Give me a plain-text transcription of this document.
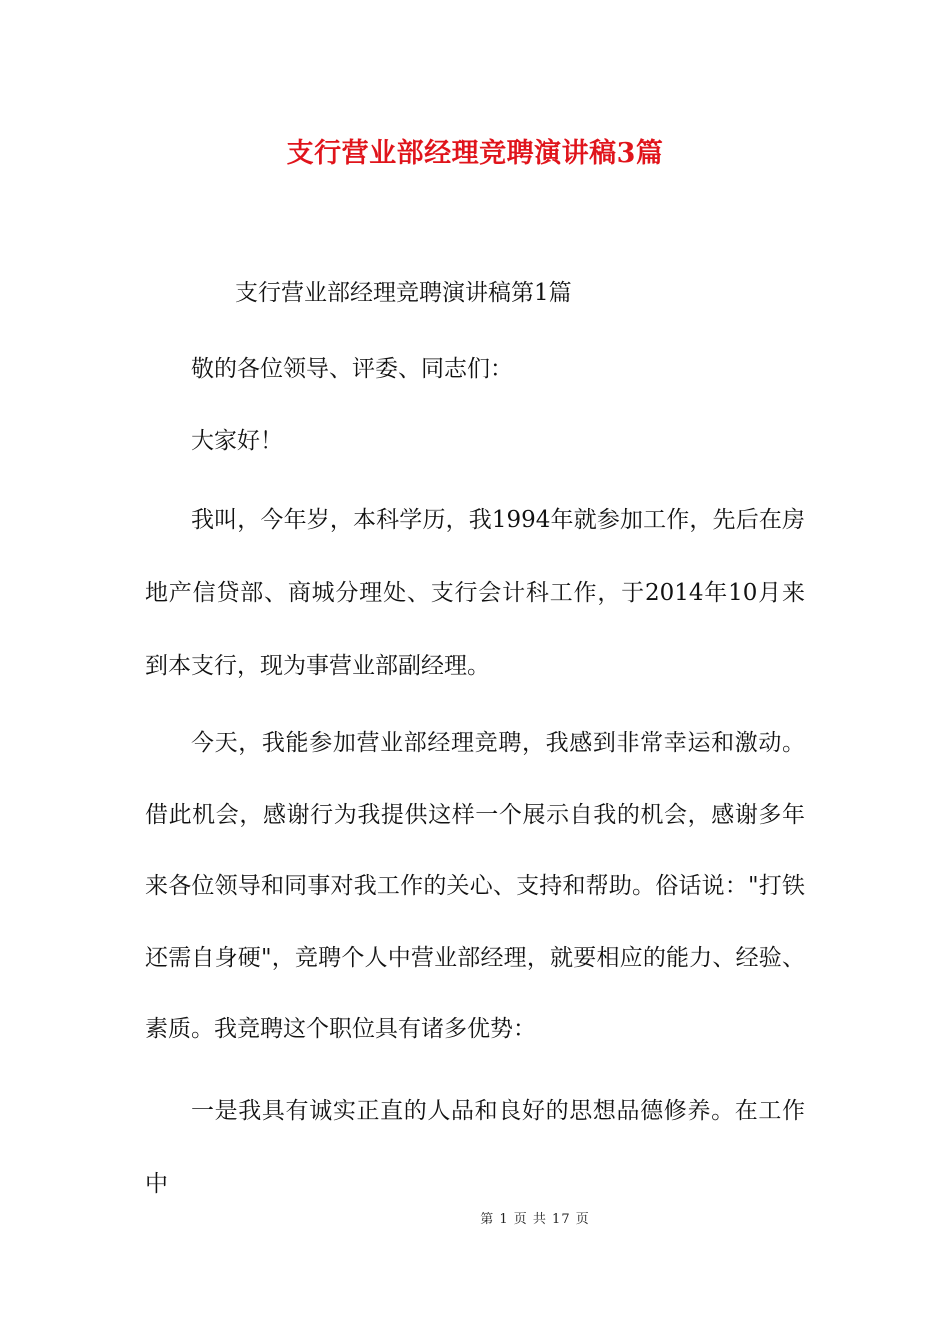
支行营业部经理竞聘演讲稿3篇

支行营业部经理竞聘演讲稿第1篇

敬的各位领导、评委、同志们：

大家好！

我叫，今年岁，本科学历，我1994年就参加工作，先后在房地产信贷部、商城分理处、支行会计科工作，于2014年10月来到本支行，现为事营业部副经理。

今天，我能参加营业部经理竞聘，我感到非常幸运和激动。借此机会，感谢行为我提供这样一个展示自我的机会，感谢多年来各位领导和同事对我工作的关心、支持和帮助。俗话说："打铁还需自身硬"，竞聘个人中营业部经理，就要相应的能力、经验、素质。我竞聘这个职位具有诸多优势：

一是我具有诚实正直的人品和良好的思想品德修养。在工作中

第 1 页 共 17 页
